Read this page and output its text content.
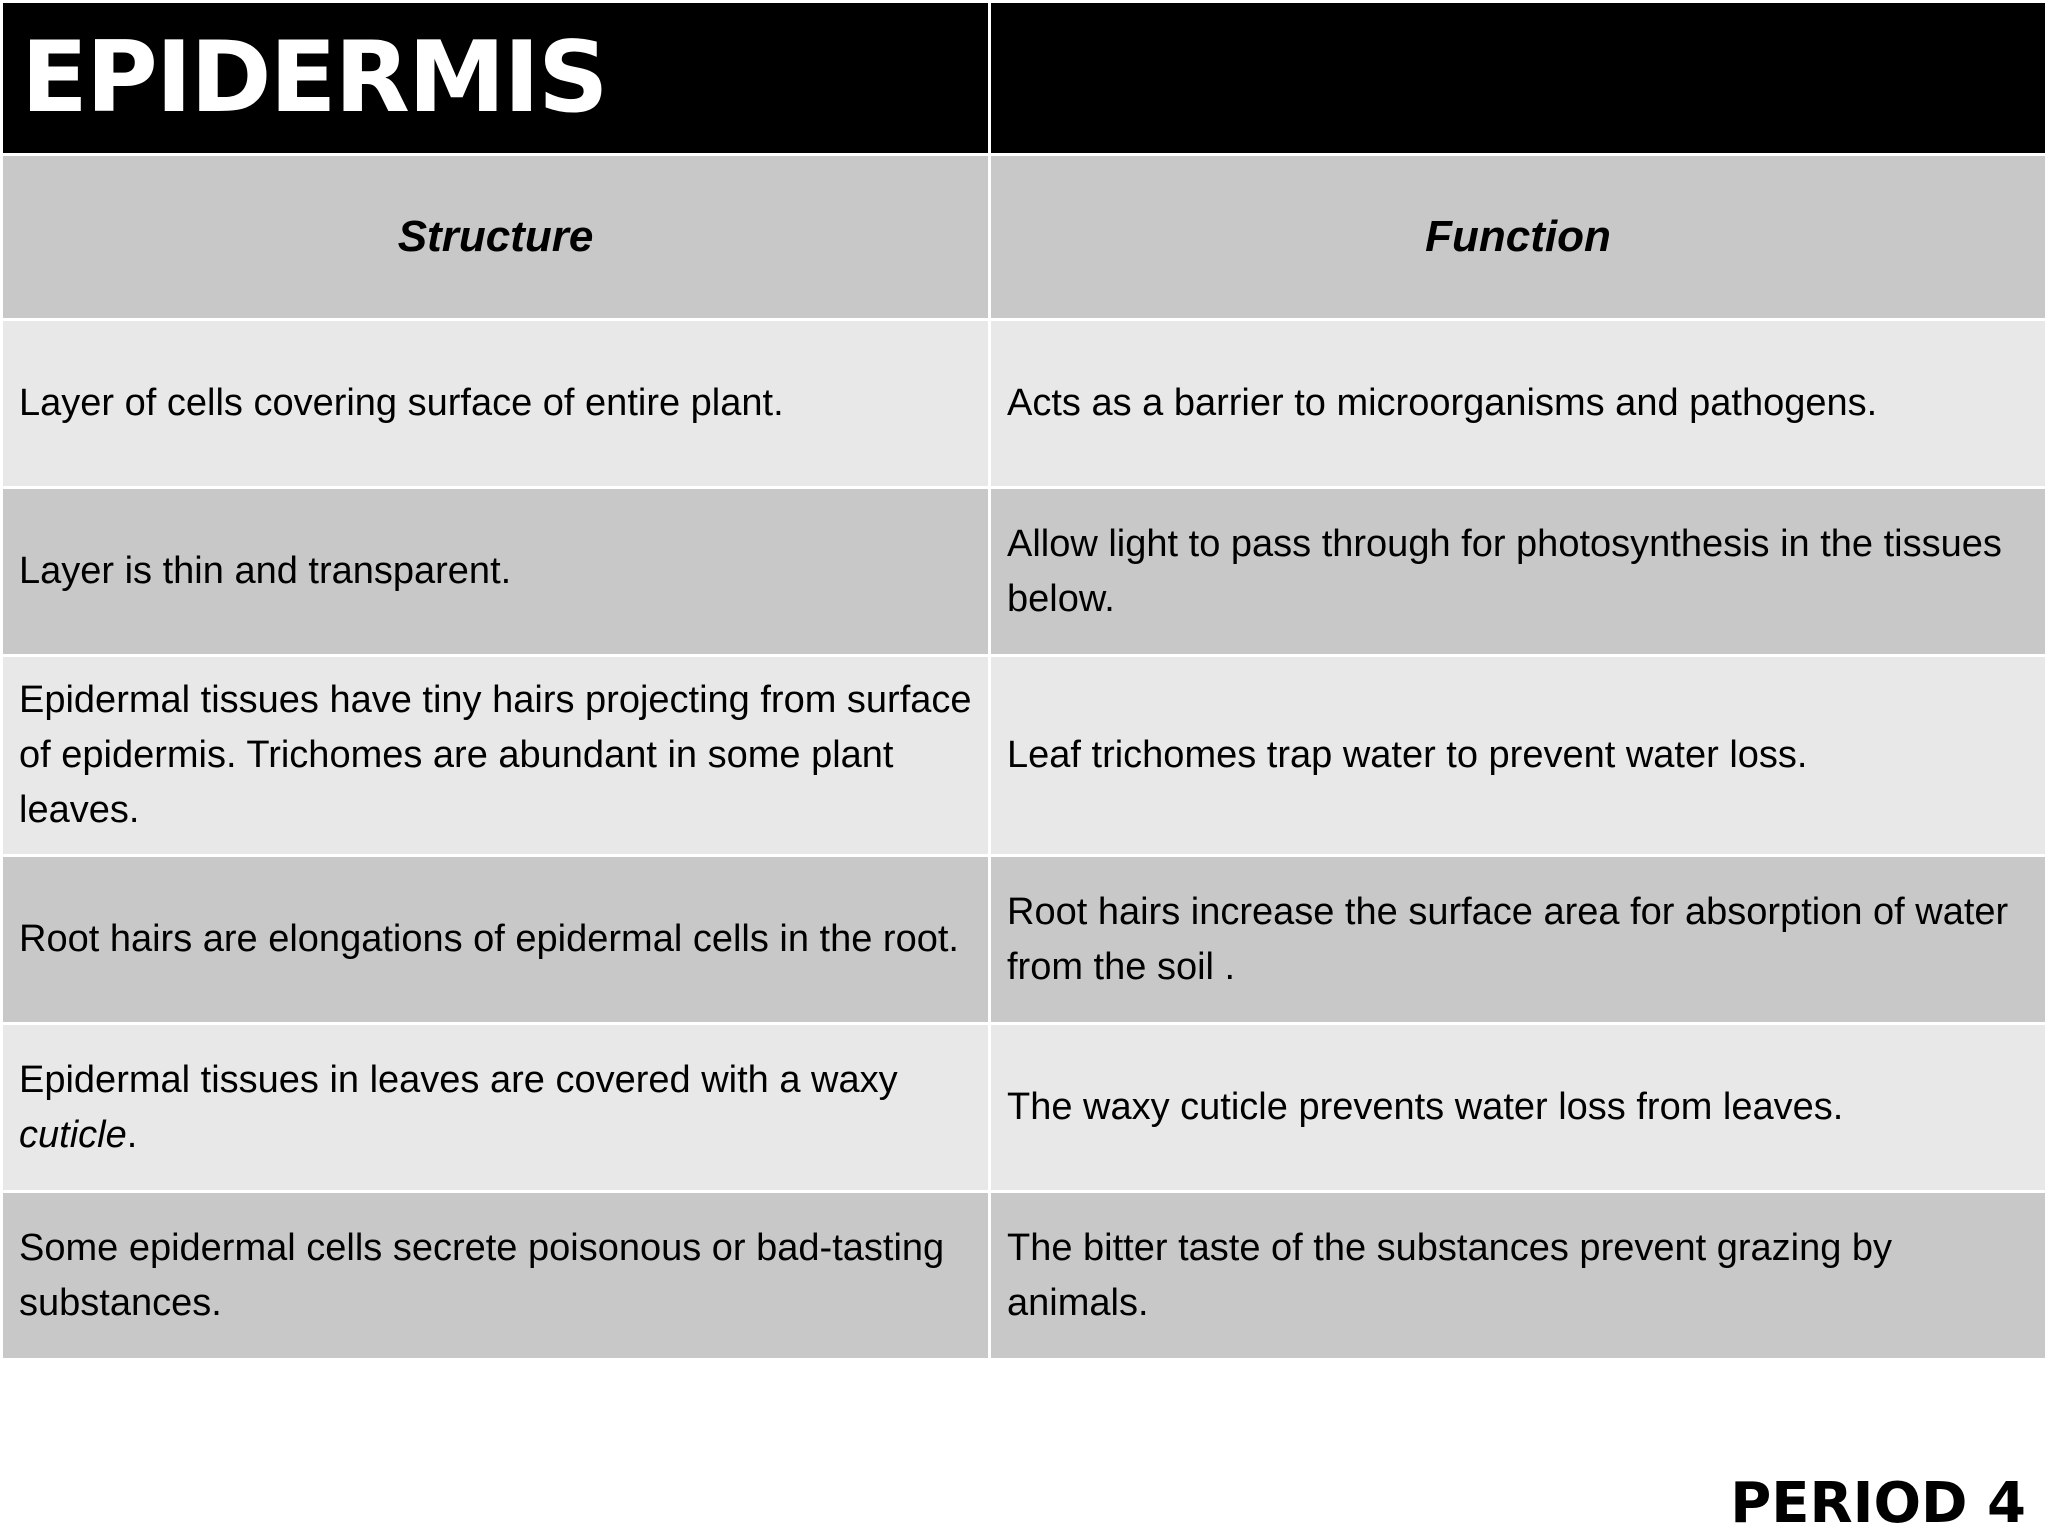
EPIDERMIS	
Structure	Function
Layer of cells covering surface of entire plant.	Acts as a barrier to microorganisms and pathogens.
Layer is thin and transparent.	Allow light to pass through for photosynthesis in the tissues below.
Epidermal tissues have tiny hairs projecting from surface of epidermis. Trichomes are abundant in some plant leaves.	Leaf trichomes trap water to prevent water loss.
Root hairs are elongations of epidermal cells in the root.	Root hairs increase the surface area for absorption of water from the soil .
Epidermal tissues in leaves are covered with a waxy cuticle.	The waxy cuticle prevents water loss from leaves.
Some epidermal cells secrete poisonous or bad-tasting substances.	The bitter taste of the substances prevent grazing by animals.
PERIOD 4
